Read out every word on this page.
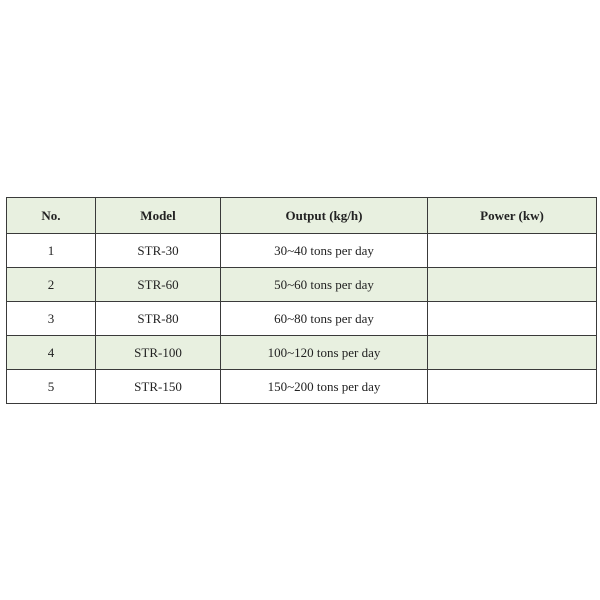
No.	Model	Output (kg/h)	Power (kw)
1	STR-30	30~40 tons per day	
2	STR-60	50~60 tons per day	
3	STR-80	60~80 tons per day	
4	STR-100	100~120 tons per day	
5	STR-150	150~200 tons per day	
